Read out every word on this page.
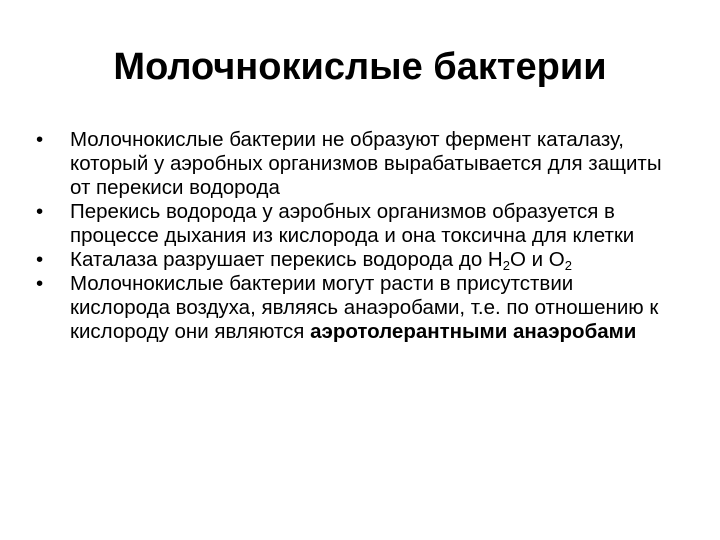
Молочнокислые бактерии
•	Молочнокислые бактерии не образуют фермент каталазу, который у аэробных организмов вырабатывается для защиты от перекиси водорода
•	Перекись водорода у аэробных организмов образуется в процессе дыхания из кислорода и она токсична для клетки
•	Каталаза разрушает перекись водорода до $Н_2О$ и $О_2$
•	Молочнокислые бактерии могут расти в присутствии кислорода воздуха, являясь анаэробами, т.е. по отношению к кислороду они являются аэротолерантными анаэробами
